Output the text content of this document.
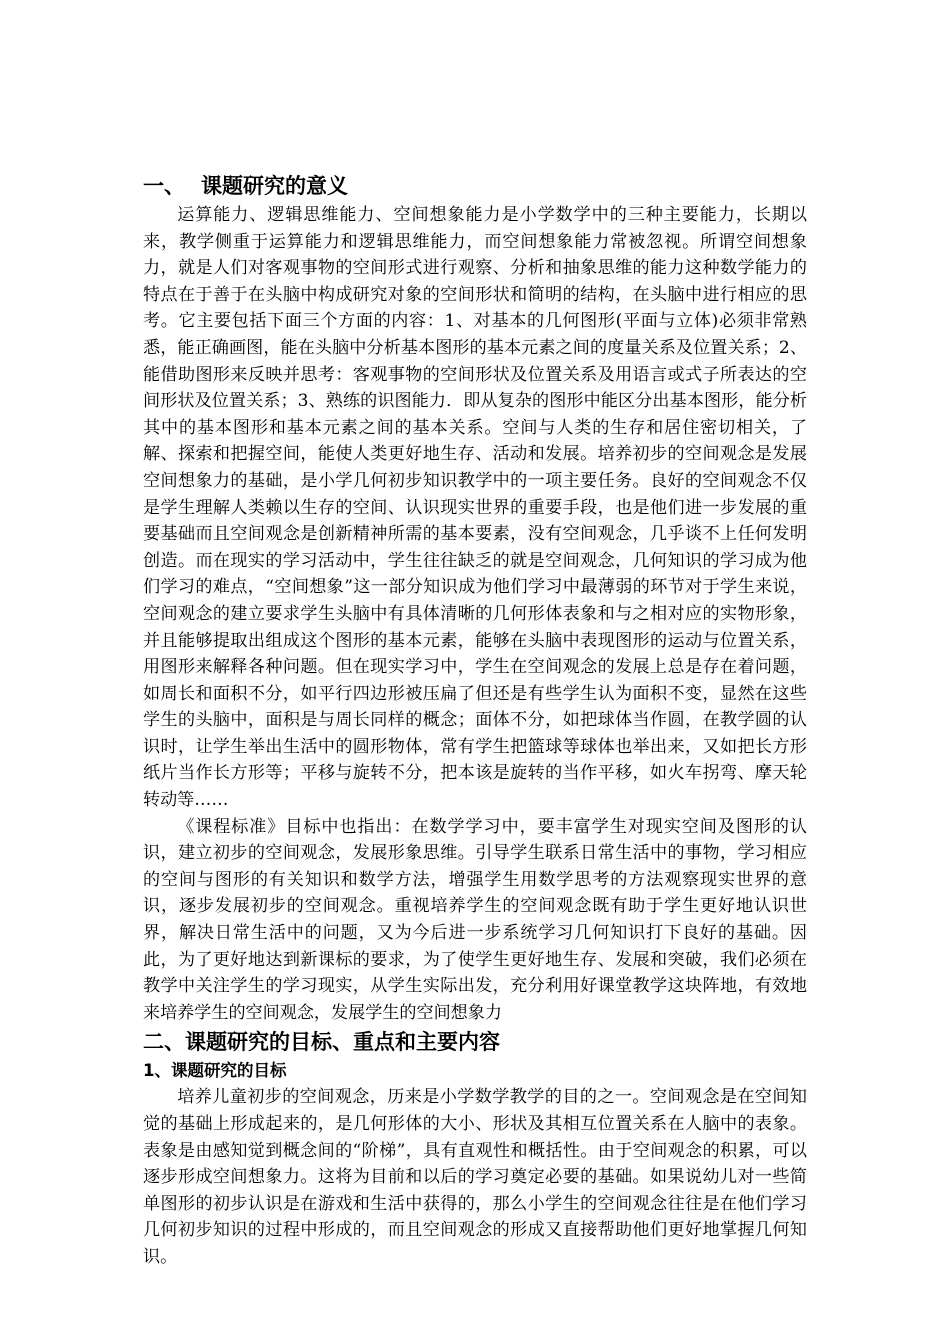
一、 课题研究的意义

运算能力、逻辑思维能力、空间想象能力是小学数学中的三种主要能力，长期以来，教学侧重于运算能力和逻辑思维能力，而空间想象能力常被忽视。所谓空间想象力，就是人们对客观事物的空间形式进行观察、分析和抽象思维的能力这种数学能力的特点在于善于在头脑中构成研究对象的空间形状和简明的结构，在头脑中进行相应的思考。它主要包括下面三个方面的内容：1、对基本的几何图形(平面与立体)必须非常熟悉，能正确画图，能在头脑中分析基本图形的基本元素之间的度量关系及位置关系；2、能借助图形来反映并思考：客观事物的空间形状及位置关系及用语言或式子所表达的空间形状及位置关系；3、熟练的识图能力．即从复杂的图形中能区分出基本图形，能分析其中的基本图形和基本元素之间的基本关系。空间与人类的生存和居住密切相关，了解、探索和把握空间，能使人类更好地生存、活动和发展。培养初步的空间观念是发展空间想象力的基础，是小学几何初步知识教学中的一项主要任务。良好的空间观念不仅是学生理解人类赖以生存的空间、认识现实世界的重要手段，也是他们进一步发展的重要基础而且空间观念是创新精神所需的基本要素，没有空间观念，几乎谈不上任何发明创造。而在现实的学习活动中，学生往往缺乏的就是空间观念，几何知识的学习成为他们学习的难点，“空间想象”这一部分知识成为他们学习中最薄弱的环节对于学生来说，空间观念的建立要求学生头脑中有具体清晰的几何形体表象和与之相对应的实物形象，并且能够提取出组成这个图形的基本元素，能够在头脑中表现图形的运动与位置关系，用图形来解释各种问题。但在现实学习中，学生在空间观念的发展上总是存在着问题，如周长和面积不分，如平行四边形被压扁了但还是有些学生认为面积不变，显然在这些学生的头脑中，面积是与周长同样的概念；面体不分，如把球体当作圆，在教学圆的认识时，让学生举出生活中的圆形物体，常有学生把篮球等球体也举出来，又如把长方形纸片当作长方形等；平移与旋转不分，把本该是旋转的当作平移，如火车拐弯、摩天轮转动等……

《课程标准》目标中也指出：在数学学习中，要丰富学生对现实空间及图形的认识，建立初步的空间观念，发展形象思维。引导学生联系日常生活中的事物，学习相应的空间与图形的有关知识和数学方法，增强学生用数学思考的方法观察现实世界的意识，逐步发展初步的空间观念。重视培养学生的空间观念既有助于学生更好地认识世界，解决日常生活中的问题，又为今后进一步系统学习几何知识打下良好的基础。因此，为了更好地达到新课标的要求，为了使学生更好地生存、发展和突破，我们必须在教学中关注学生的学习现实，从学生实际出发，充分利用好课堂教学这块阵地，有效地来培养学生的空间观念，发展学生的空间想象力

二、课题研究的目标、重点和主要内容
1、课题研究的目标

培养儿童初步的空间观念，历来是小学数学教学的目的之一。空间观念是在空间知觉的基础上形成起来的，是几何形体的大小、形状及其相互位置关系在人脑中的表象。表象是由感知觉到概念间的“阶梯”，具有直观性和概括性。由于空间观念的积累，可以逐步形成空间想象力。这将为目前和以后的学习奠定必要的基础。如果说幼儿对一些简单图形的初步认识是在游戏和生活中获得的，那么小学生的空间观念往往是在他们学习几何初步知识的过程中形成的，而且空间观念的形成又直接帮助他们更好地掌握几何知识。
